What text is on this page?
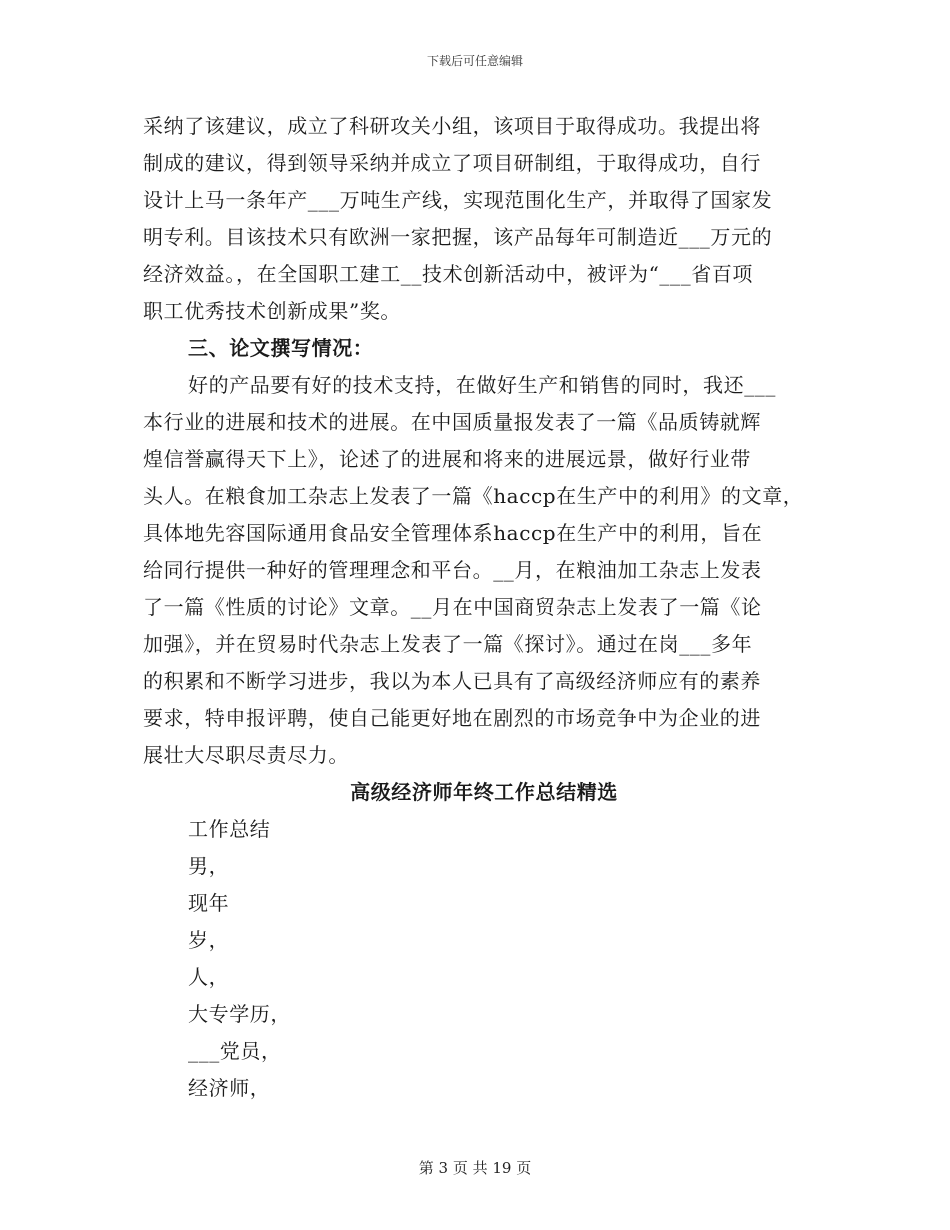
下载后可任意编辑
采纳了该建议，成立了科研攻关小组，该项目于取得成功。我提出将
制成的建议，得到领导采纳并成立了项目研制组，于取得成功，自行
设计上马一条年产___万吨生产线，实现范围化生产，并取得了国家发
明专利。目该技术只有欧洲一家把握，该产品每年可制造近___万元的
经济效益。，在全国职工建工__技术创新活动中，被评为“___省百项
职工优秀技术创新成果”奖。
三、论文撰写情况：
好的产品要有好的技术支持，在做好生产和销售的同时，我还___
本行业的进展和技术的进展。在中国质量报发表了一篇《品质铸就辉
煌信誉赢得天下上》，论述了的进展和将来的进展远景，做好行业带
头人。在粮食加工杂志上发表了一篇《haccp在生产中的利用》的文章，
具体地先容国际通用食品安全管理体系haccp在生产中的利用，旨在
给同行提供一种好的管理理念和平台。__月，在粮油加工杂志上发表
了一篇《性质的讨论》文章。__月在中国商贸杂志上发表了一篇《论
加强》，并在贸易时代杂志上发表了一篇《探讨》。通过在岗___多年
的积累和不断学习进步，我以为本人已具有了高级经济师应有的素养
要求，特申报评聘，使自己能更好地在剧烈的市场竞争中为企业的进
展壮大尽职尽责尽力。
高级经济师年终工作总结精选
工作总结
男，
现年
岁，
人，
大专学历，
___党员，
经济师，
第 3 页 共 19 页
